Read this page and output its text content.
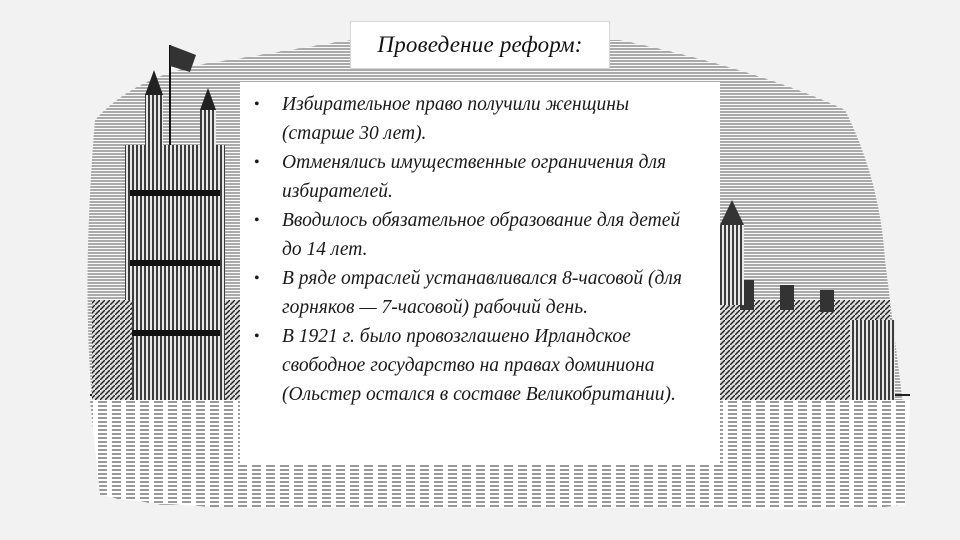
Проведение реформ:
• Избирательное право получили женщины (старше 30 лет).
• Отменялись имущественные ограничения для избирателей.
• Вводилось обязательное образование для детей до 14 лет.
• В ряде отраслей устанавливался 8-часовой (для горняков — 7-часовой) рабочий день.
• В 1921 г. было провозглашено Ирландское свободное государство на правах доминиона (Ольстер остался в составе Великобритании).
